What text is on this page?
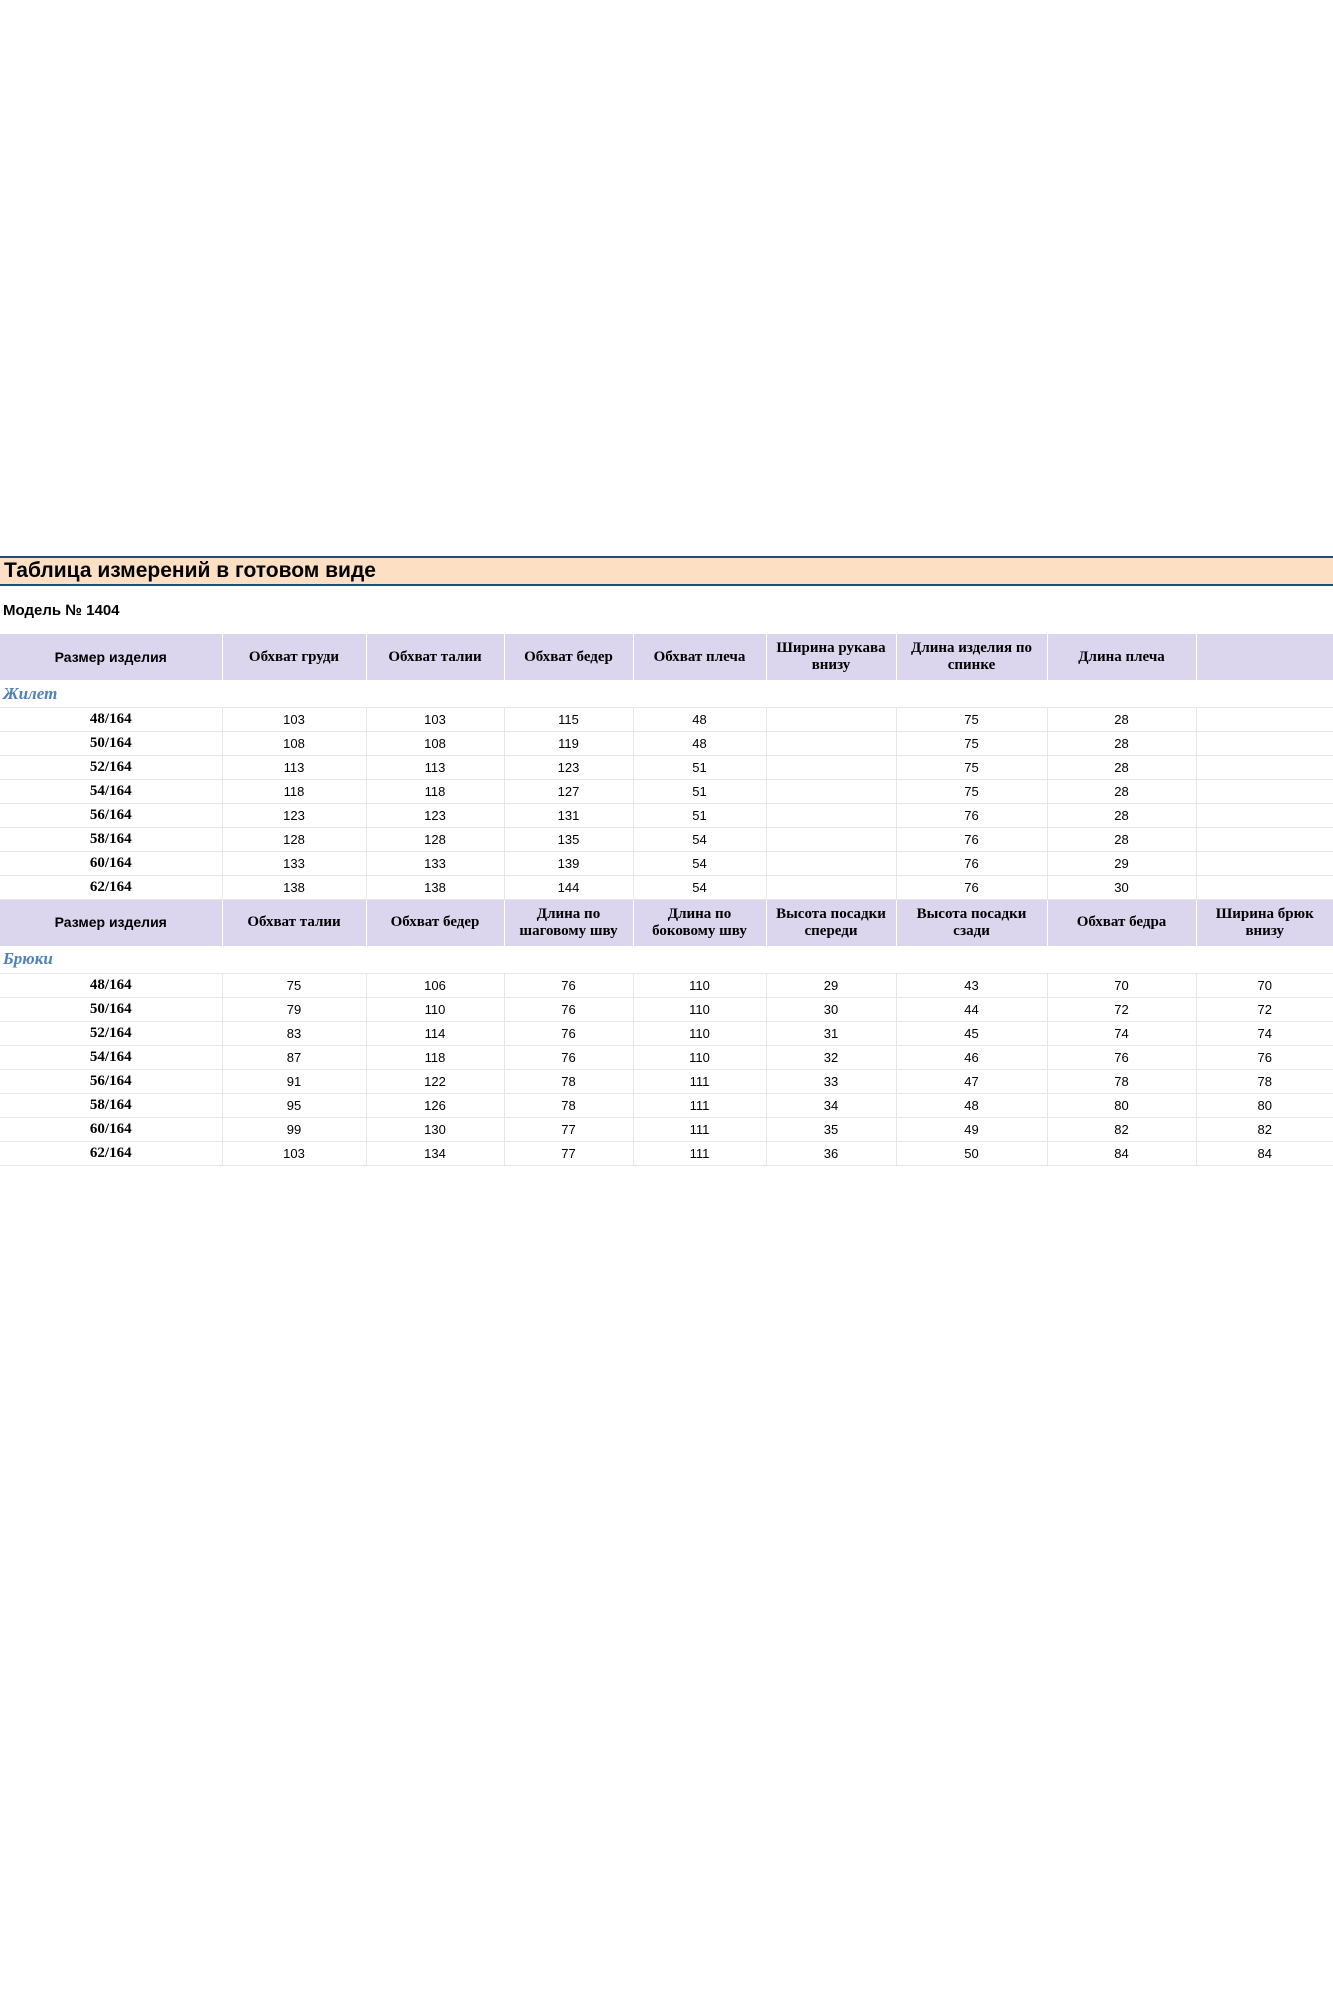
Таблица измерений в готовом виде
Модель № 1404
Размер изделия	Обхват груди	Обхват талии	Обхват бедер	Обхват плеча	Ширина рукава внизу	Длина изделия по спинке	Длина плеча	
Жилет								
48/164	103	103	115	48		75	28	
50/164	108	108	119	48		75	28	
52/164	113	113	123	51		75	28	
54/164	118	118	127	51		75	28	
56/164	123	123	131	51		76	28	
58/164	128	128	135	54		76	28	
60/164	133	133	139	54		76	29	
62/164	138	138	144	54		76	30	
Размер изделия	Обхват талии	Обхват бедер	Длина по шаговому шву	Длина по боковому шву	Высота посадки спереди	Высота посадки сзади	Обхват бедра	Ширина брюк внизу
Брюки								
48/164	75	106	76	110	29	43	70	70
50/164	79	110	76	110	30	44	72	72
52/164	83	114	76	110	31	45	74	74
54/164	87	118	76	110	32	46	76	76
56/164	91	122	78	111	33	47	78	78
58/164	95	126	78	111	34	48	80	80
60/164	99	130	77	111	35	49	82	82
62/164	103	134	77	111	36	50	84	84
